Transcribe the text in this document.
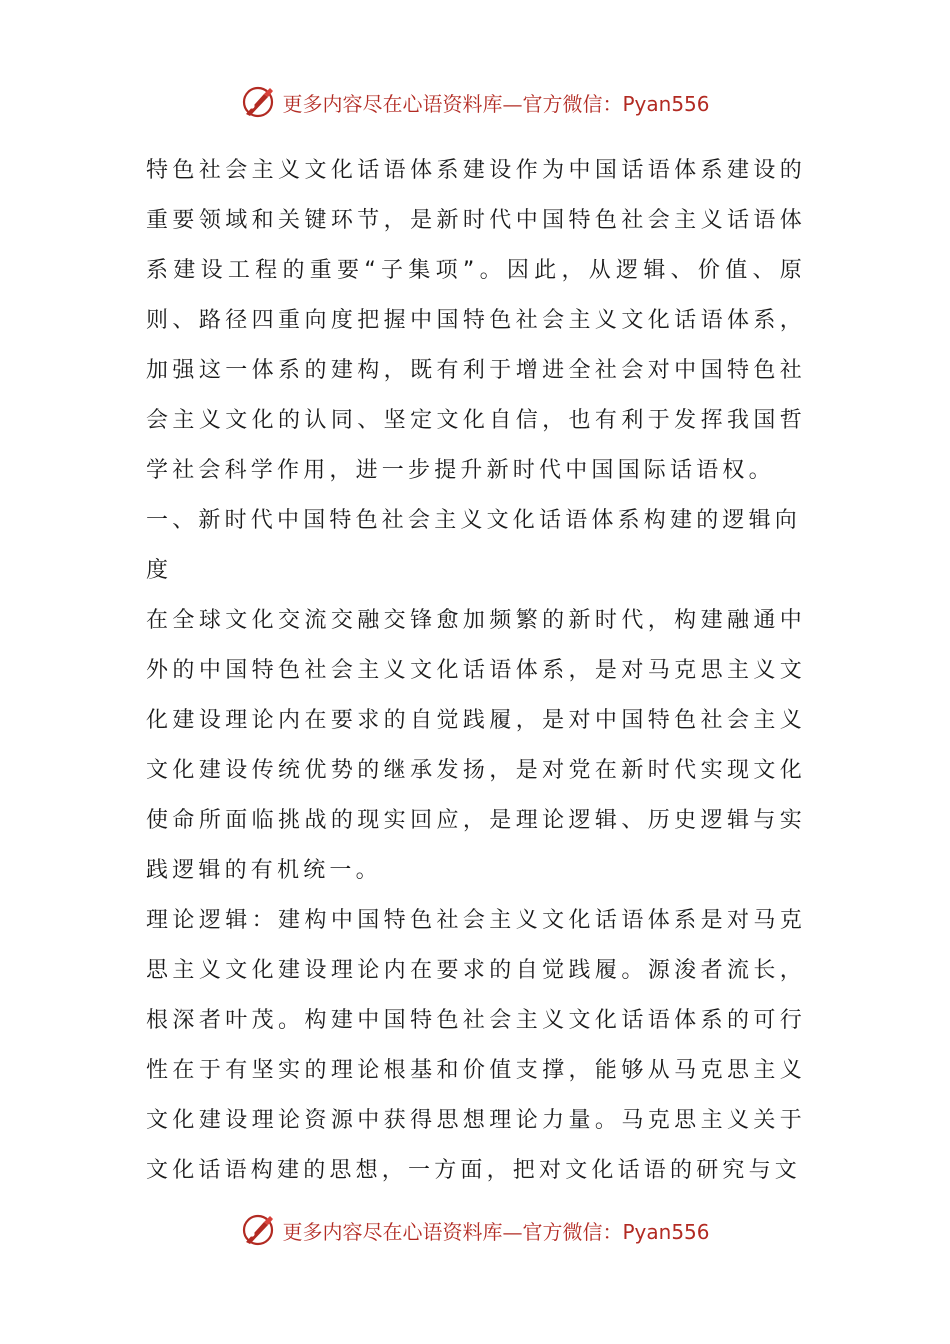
更多内容尽在心语资料库—官方微信：Pyan556

特色社会主义文化话语体系建设作为中国话语体系建设的重要领域和关键环节，是新时代中国特色社会主义话语体系建设工程的重要“子集项”。因此，从逻辑、价值、原则、路径四重向度把握中国特色社会主义文化话语体系，加强这一体系的建构，既有利于增进全社会对中国特色社会主义文化的认同、坚定文化自信，也有利于发挥我国哲学社会科学作用，进一步提升新时代中国国际话语权。

一、新时代中国特色社会主义文化话语体系构建的逻辑向度

在全球文化交流交融交锋愈加频繁的新时代，构建融通中外的中国特色社会主义文化话语体系，是对马克思主义文化建设理论内在要求的自觉践履，是对中国特色社会主义文化建设传统优势的继承发扬，是对党在新时代实现文化使命所面临挑战的现实回应，是理论逻辑、历史逻辑与实践逻辑的有机统一。

理论逻辑：建构中国特色社会主义文化话语体系是对马克思主义文化建设理论内在要求的自觉践履。源浚者流长，根深者叶茂。构建中国特色社会主义文化话语体系的可行性在于有坚实的理论根基和价值支撑，能够从马克思主义文化建设理论资源中获得思想理论力量。马克思主义关于文化话语构建的思想，一方面，把对文化话语的研究与文

更多内容尽在心语资料库—官方微信：Pyan556
